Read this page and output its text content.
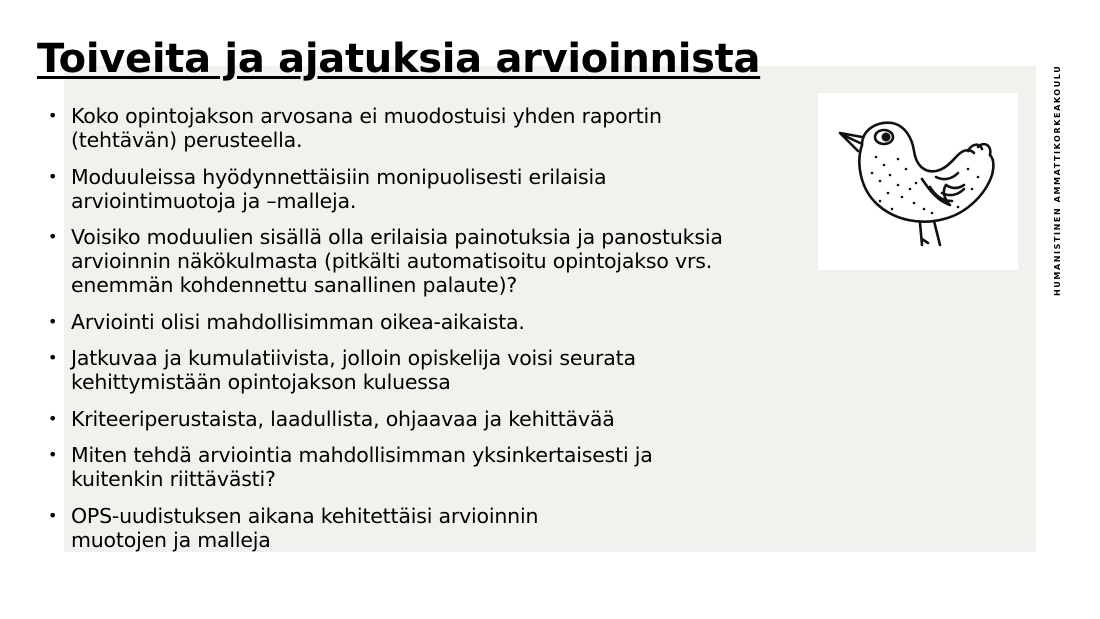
Toiveita ja ajatuksia arvioinnista
• Koko opintojakson arvosana ei muodostuisi yhden raportin
(tehtävän) perusteella.
• Moduuleissa hyödynnettäisiin monipuolisesti erilaisia
arviointimuotoja ja –malleja.
• Voisiko moduulien sisällä olla erilaisia painotuksia ja panostuksia
arvioinnin näkökulmasta (pitkälti automatisoitu opintojakso vrs.
enemmän kohdennettu sanallinen palaute)?
• Arviointi olisi mahdollisimman oikea-aikaista.
• Jatkuvaa ja kumulatiivista, jolloin opiskelija voisi seurata
kehittymistään opintojakson kuluessa
• Kriteeriperustaista, laadullista, ohjaavaa ja kehittävää
• Miten tehdä arviointia mahdollisimman yksinkertaisesti ja
kuitenkin riittävästi?
• OPS-uudistuksen aikana kehitettäisi arvioinnin
muotojen ja malleja
HUMANISTINEN AMMATTIKORKEAKOULU
